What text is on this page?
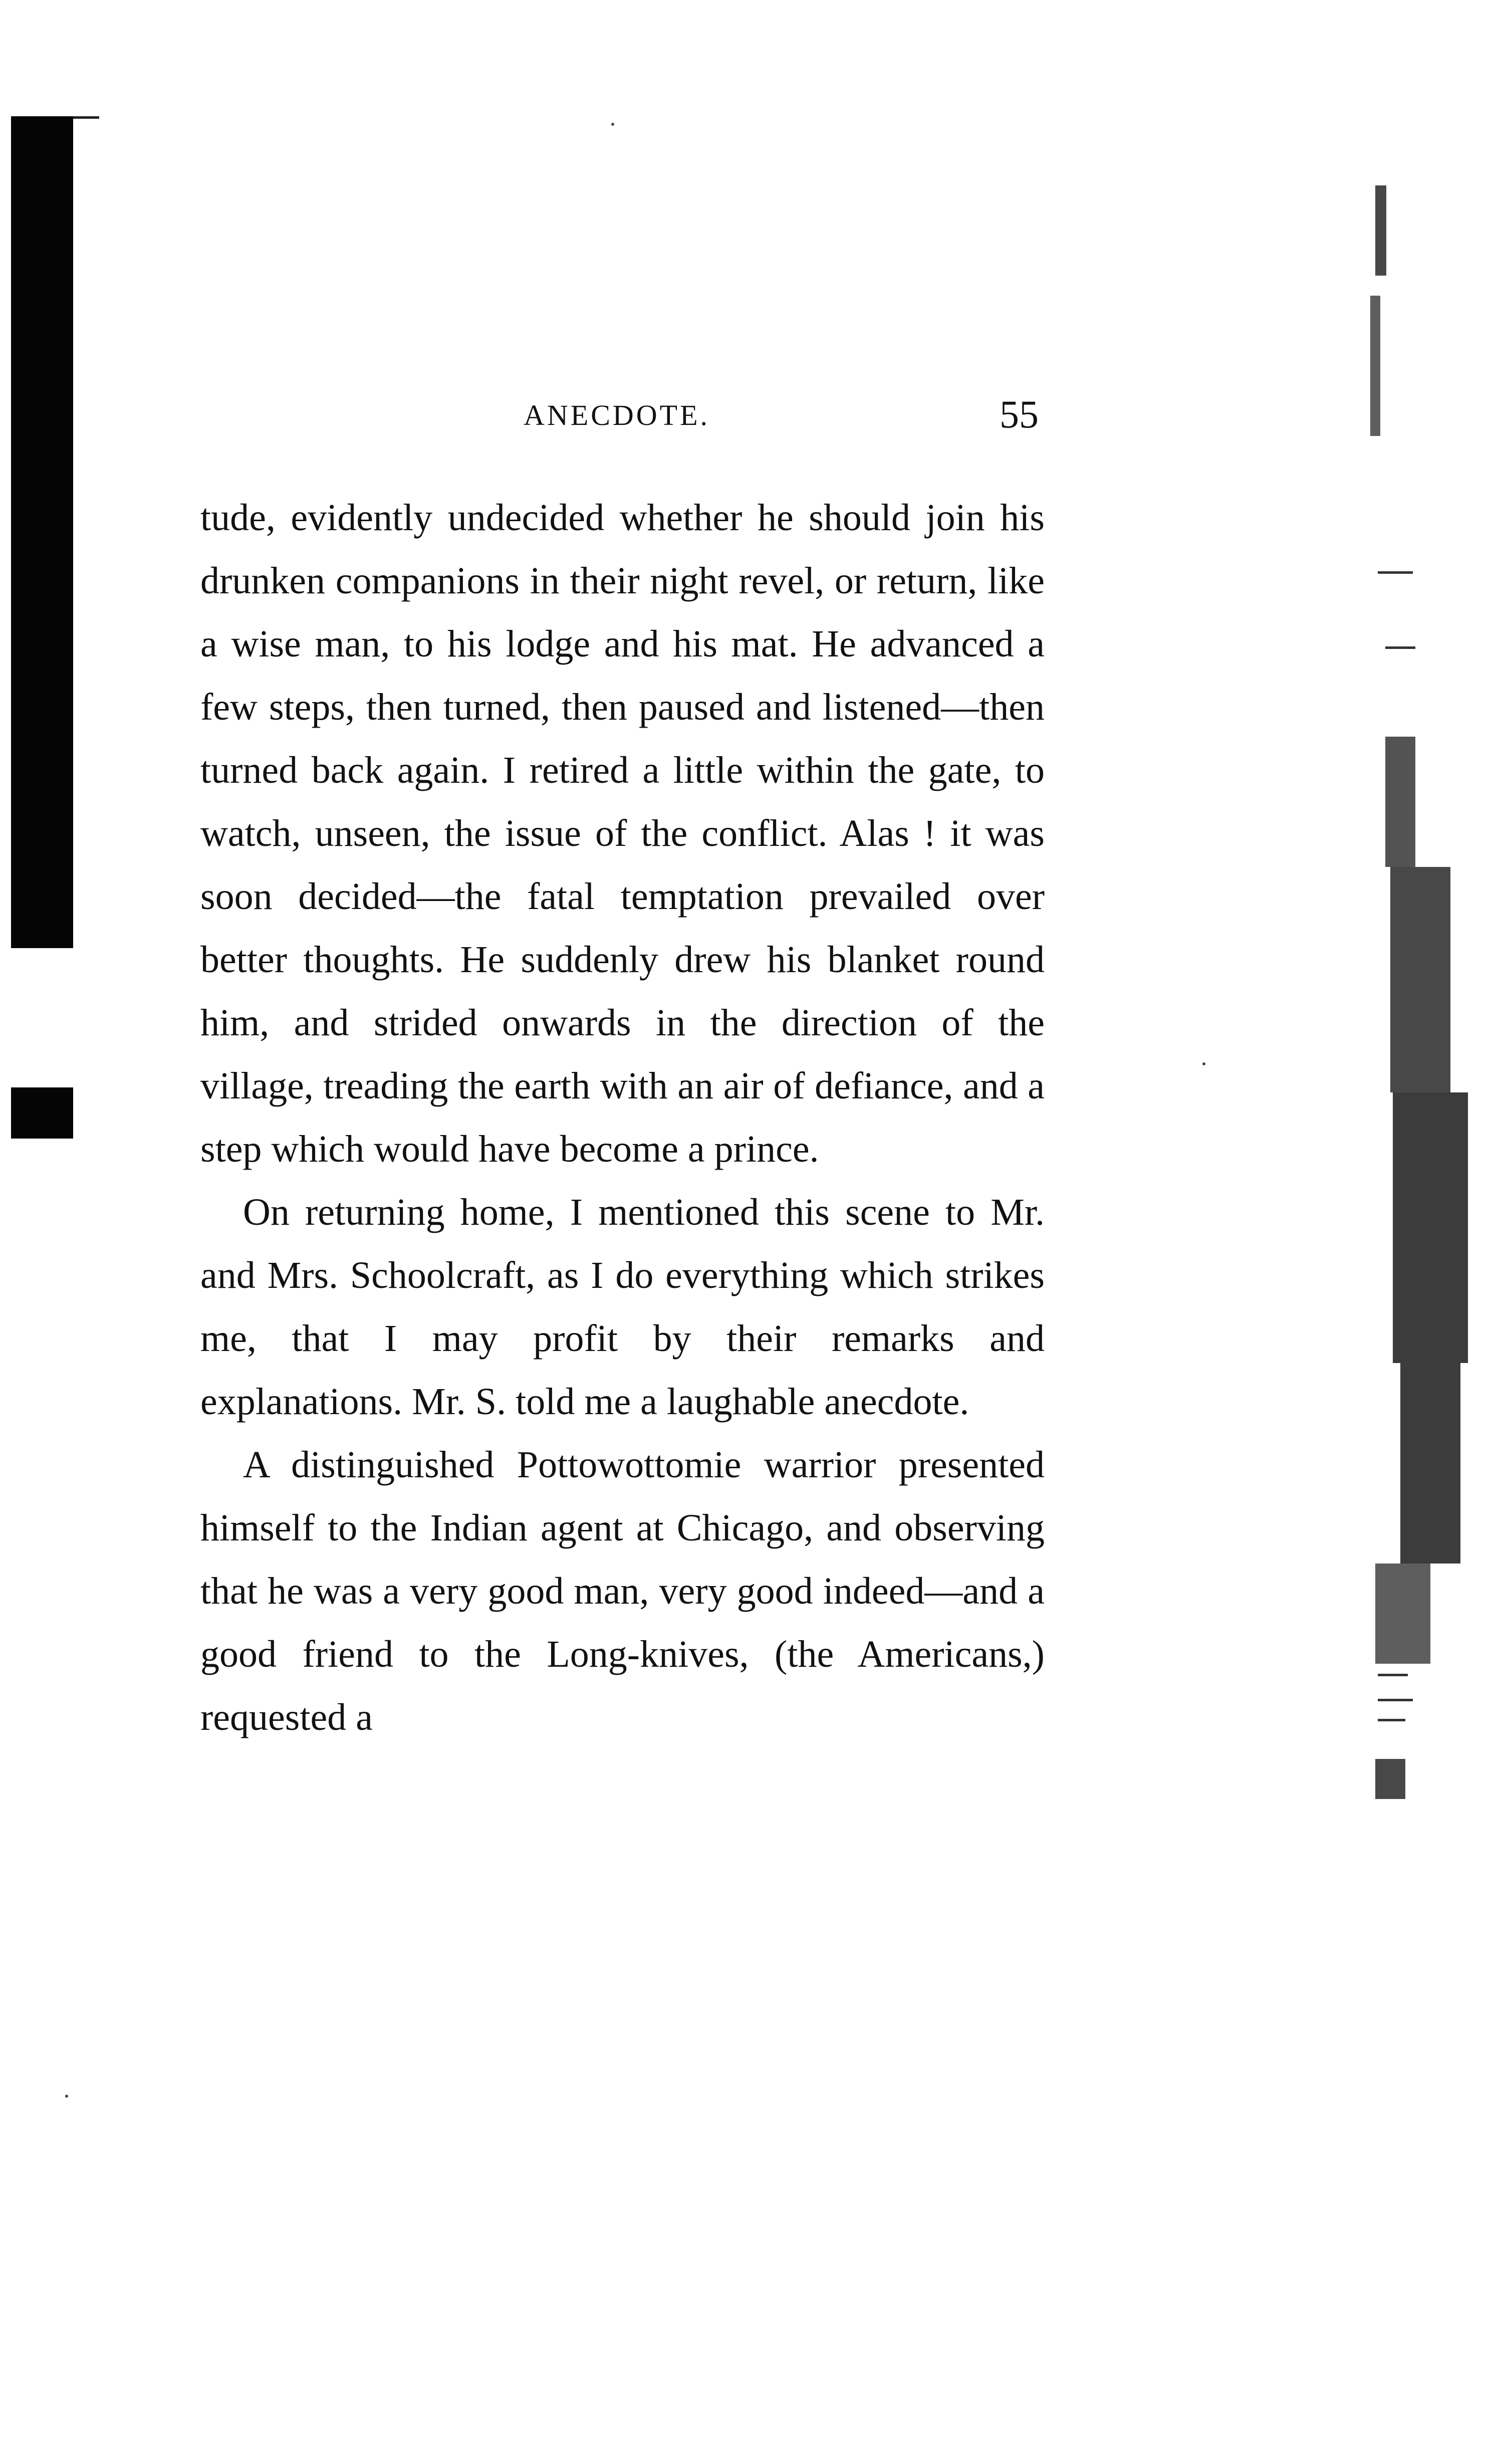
ANECDOTE.	55

tude, evidently undecided whether he should join his drunken companions in their night revel, or return, like a wise man, to his lodge and his mat. He advanced a few steps, then turned, then paused and listened—then turned back again. I retired a little within the gate, to watch, unseen, the issue of the conflict. Alas ! it was soon decided—the fatal temptation prevailed over better thoughts. He suddenly drew his blanket round him, and strided onwards in the direction of the village, treading the earth with an air of defiance, and a step which would have become a prince.

On returning home, I mentioned this scene to Mr. and Mrs. Schoolcraft, as I do everything which strikes me, that I may profit by their remarks and explanations. Mr. S. told me a laughable anecdote.

A distinguished Pottowottomie warrior presented himself to the Indian agent at Chicago, and observing that he was a very good man, very good indeed—and a good friend to the Long-knives, (the Americans,) requested a
